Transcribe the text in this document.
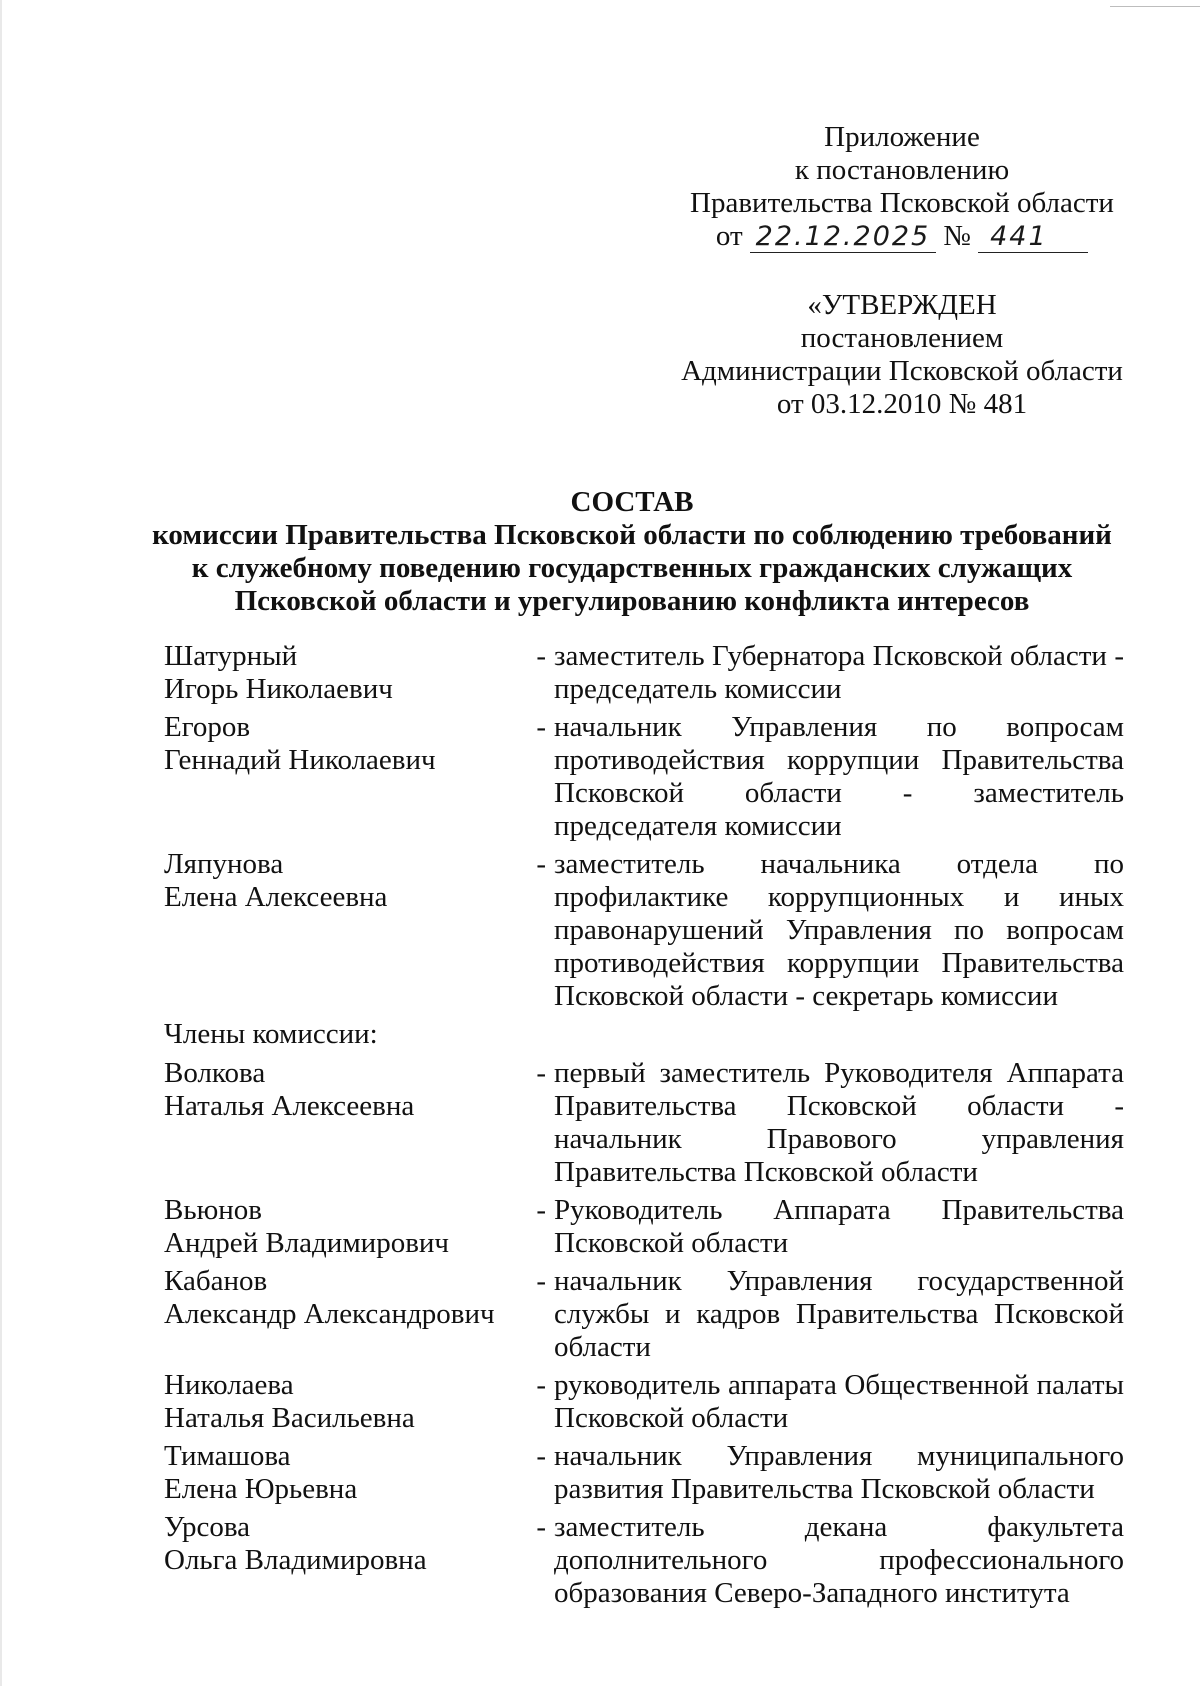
Приложение
к постановлению
Правительства Псковской области
от 22.12.2025 № 441
«УТВЕРЖДЕН
постановлением
Администрации Псковской области
от 03.12.2010 № 481
СОСТАВ
комиссии Правительства Псковской области по соблюдению требований
к служебному поведению государственных гражданских служащих
Псковской области и урегулированию конфликта интересов
Шатурный
Игорь Николаевич
- заместитель Губернатора Псковской области - председатель комиссии
Егоров
Геннадий Николаевич
- начальник Управления по вопросам противодействия коррупции Правительства Псковской области - заместитель председателя комиссии
Ляпунова
Елена Алексеевна
- заместитель начальника отдела по профилактике коррупционных и иных правонарушений Управления по вопросам противодействия коррупции Правительства Псковской области - секретарь комиссии
Члены комиссии:
Волкова
Наталья Алексеевна
- первый заместитель Руководителя Аппарата Правительства Псковской области - начальник Правового управления Правительства Псковской области
Вьюнов
Андрей Владимирович
- Руководитель Аппарата Правительства Псковской области
Кабанов
Александр Александрович
- начальник Управления государственной службы и кадров Правительства Псковской области
Николаева
Наталья Васильевна
- руководитель аппарата Общественной палаты Псковской области
Тимашова
Елена Юрьевна
- начальник Управления муниципального развития Правительства Псковской области
Урсова
Ольга Владимировна
- заместитель декана факультета дополнительного профессионального образования Северо-Западного института
